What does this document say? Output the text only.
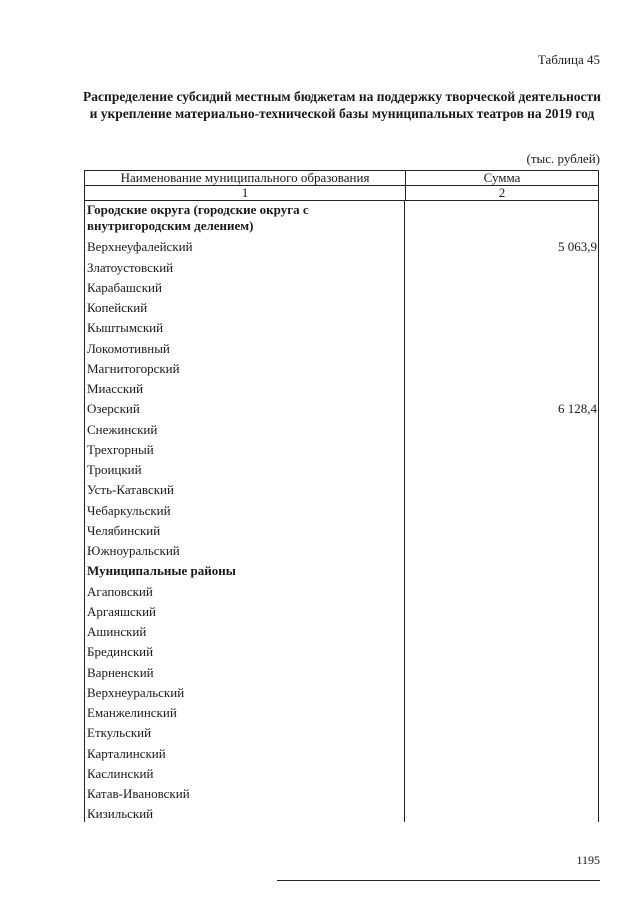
Таблица 45
Распределение субсидий местным бюджетам на поддержку творческой деятельности и укрепление материально-технической базы муниципальных театров на 2019 год
(тыс. рублей)
Наименование муниципального образования	Сумма
1	2
Городские округа (городские округа с внутригородским делением)
Верхнеуфалейский	5 063,9
Златоустовский
Карабашский
Копейский
Кыштымский
Локомотивный
Магнитогорский
Миасский
Озерский	6 128,4
Снежинский
Трехгорный
Троицкий
Усть-Катавский
Чебаркульский
Челябинский
Южноуральский
Муниципальные районы
Агаповский
Аргаяшский
Ашинский
Брединский
Варненский
Верхнеуральский
Еманжелинский
Еткульский
Карталинский
Каслинский
Катав-Ивановский
Кизильский
1195
